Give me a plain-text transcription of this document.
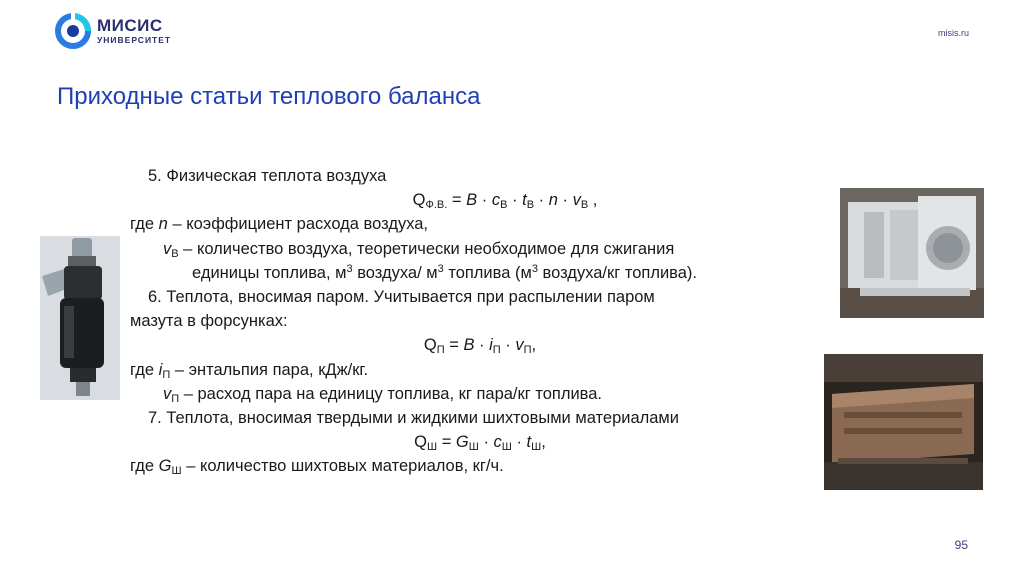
МИСИС
УНИВЕРСИТЕТ
misis.ru
Приходные статьи теплового баланса
5. Физическая теплота воздуха
$Q_{Ф.В.} = B \cdot c_В \cdot t_В \cdot n \cdot v_В$ ,
где n – коэффициент расхода воздуха,
$v_В$ – количество воздуха, теоретически необходимое для сжигания
единицы топлива, $м^3$ воздуха/ $м^3$ топлива ($м^3$ воздуха/кг топлива).
6. Теплота, вносимая паром. Учитывается при распылении паром
мазута в форсунках:
$Q_П = B \cdot i_П \cdot v_П$,
где $i_П$ – энтальпия пара, кДж/кг.
$v_П$ – расход пара на единицу топлива, кг пара/кг топлива.
7. Теплота, вносимая твердыми и жидкими шихтовыми материалами
$Q_Ш = G_Ш \cdot c_Ш \cdot t_Ш$,
где $G_Ш$ – количество шихтовых материалов, кг/ч.
95
